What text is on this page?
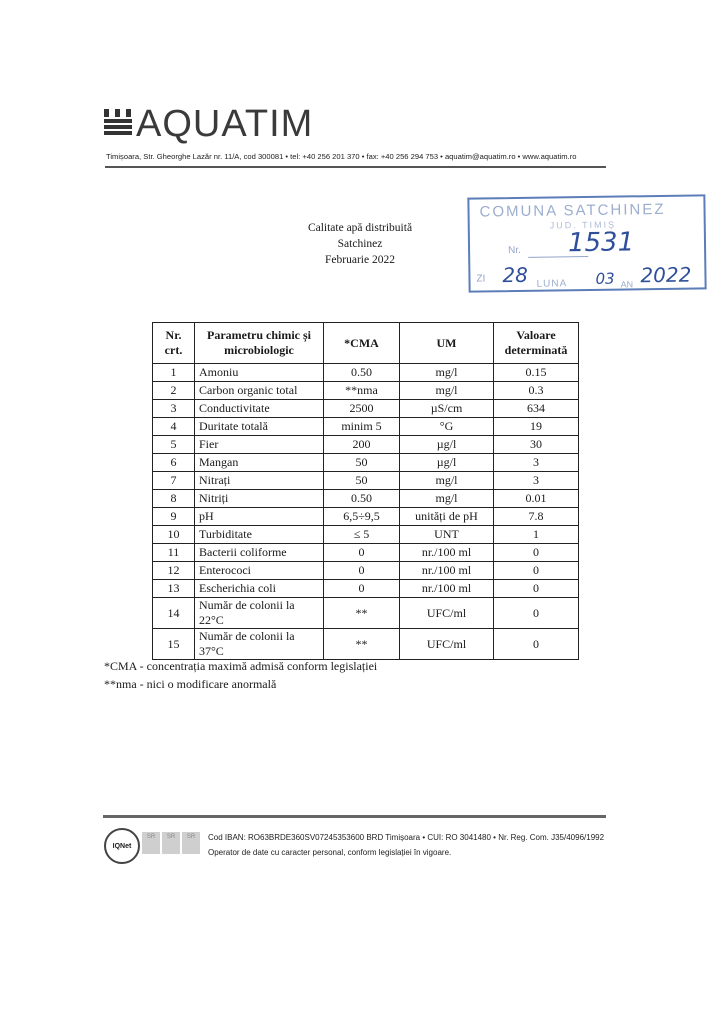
AQUATIM
Timișoara, Str. Gheorghe Lazăr nr. 11/A, cod 300081 • tel: +40 256 201 370 • fax: +40 256 294 753 • aquatim@aquatim.ro • www.aquatim.ro
Calitate apă distribuită
Satchinez
Februarie 2022
COMUNA SATCHINEZ
JUD. TIMIȘ
Nr. 1531
ZI 28 LUNA 03 AN 2022
Nr. crt.	Parametru chimic și microbiologic	*CMA	UM	Valoare determinată
1	Amoniu	0.50	mg/l	0.15
2	Carbon organic total	**nma	mg/l	0.3
3	Conductivitate	2500	µS/cm	634
4	Duritate totală	minim 5	°G	19
5	Fier	200	µg/l	30
6	Mangan	50	µg/l	3
7	Nitrați	50	mg/l	3
8	Nitriți	0.50	mg/l	0.01
9	pH	6,5÷9,5	unități de pH	7.8
10	Turbiditate	≤ 5	UNT	1
11	Bacterii coliforme	0	nr./100 ml	0
12	Enterococi	0	nr./100 ml	0
13	Escherichia coli	0	nr./100 ml	0
14	Număr de colonii la 22°C	**	UFC/ml	0
15	Număr de colonii la 37°C	**	UFC/ml	0
*CMA - concentrația maximă admisă conform legislației
**nma - nici o modificare anormală
IQNet
SR	SR	SR	Cod IBAN: RO63BRDE360SV07245353600 BRD Timișoara • CUI: RO 3041480 • Nr. Reg. Com. J35/4096/1992
Operator de date cu caracter personal, conform legislației în vigoare.
